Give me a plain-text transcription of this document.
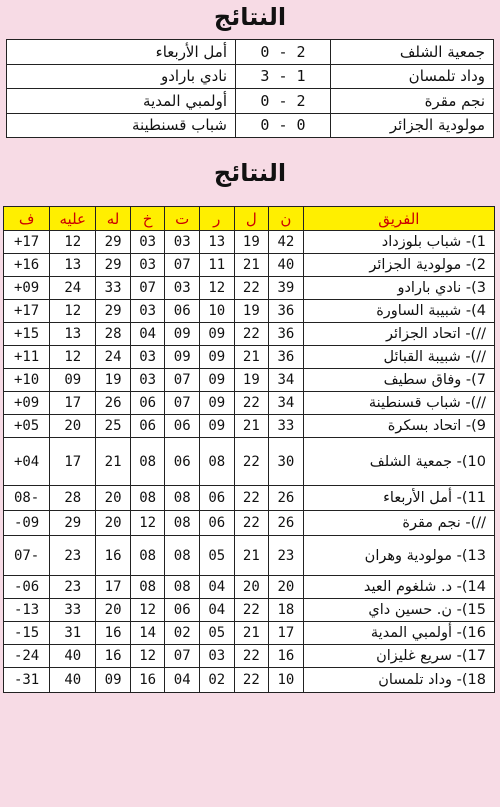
النتائج
جمعية الشلف	2 - 0	أمل الأربعاء
وداد تلمسان	1 - 3	نادي بارادو
نجم مقرة	2 - 0	أولمبي المدية
مولودية الجزائر	0 - 0	شباب قسنطينة
النتائج
الفريق	ن	ل	ر	ت	خ	له	عليه	ف
1)- شباب بلوزداد	42	19	13	03	03	29	12	+17
2)- مولودية الجزائر	40	21	11	07	03	29	13	+16
3)- نادي بارادو	39	22	12	03	07	33	24	+09
4)- شبيبة الساورة	36	19	10	06	03	29	12	+17
//)- اتحاد الجزائر	36	22	09	09	04	28	13	+15
//)- شبيبة القبائل	36	21	09	09	03	24	12	+11
7)- وفاق سطيف	34	19	09	07	03	19	09	+10
//)- شباب قسنطينة	34	22	09	07	06	26	17	+09
9)- اتحاد بسكرة	33	21	09	06	06	25	20	+05
10)- جمعية الشلف	30	22	08	06	08	21	17	+04
11)- أمل الأربعاء	26	22	06	08	08	20	28	08-
//)- نجم مقرة	26	22	06	08	12	20	29	-09
13)- مولودية وهران	23	21	05	08	08	16	23	07-
14)- د. شلغوم العيد	20	20	04	08	08	17	23	-06
15)- ن. حسين داي	18	22	04	06	12	20	33	-13
16)- أولمبي المدية	17	21	05	02	14	16	31	-15
17)- سريع غليزان	16	22	03	07	12	16	40	-24
18)- وداد تلمسان	10	22	02	04	16	09	40	-31
